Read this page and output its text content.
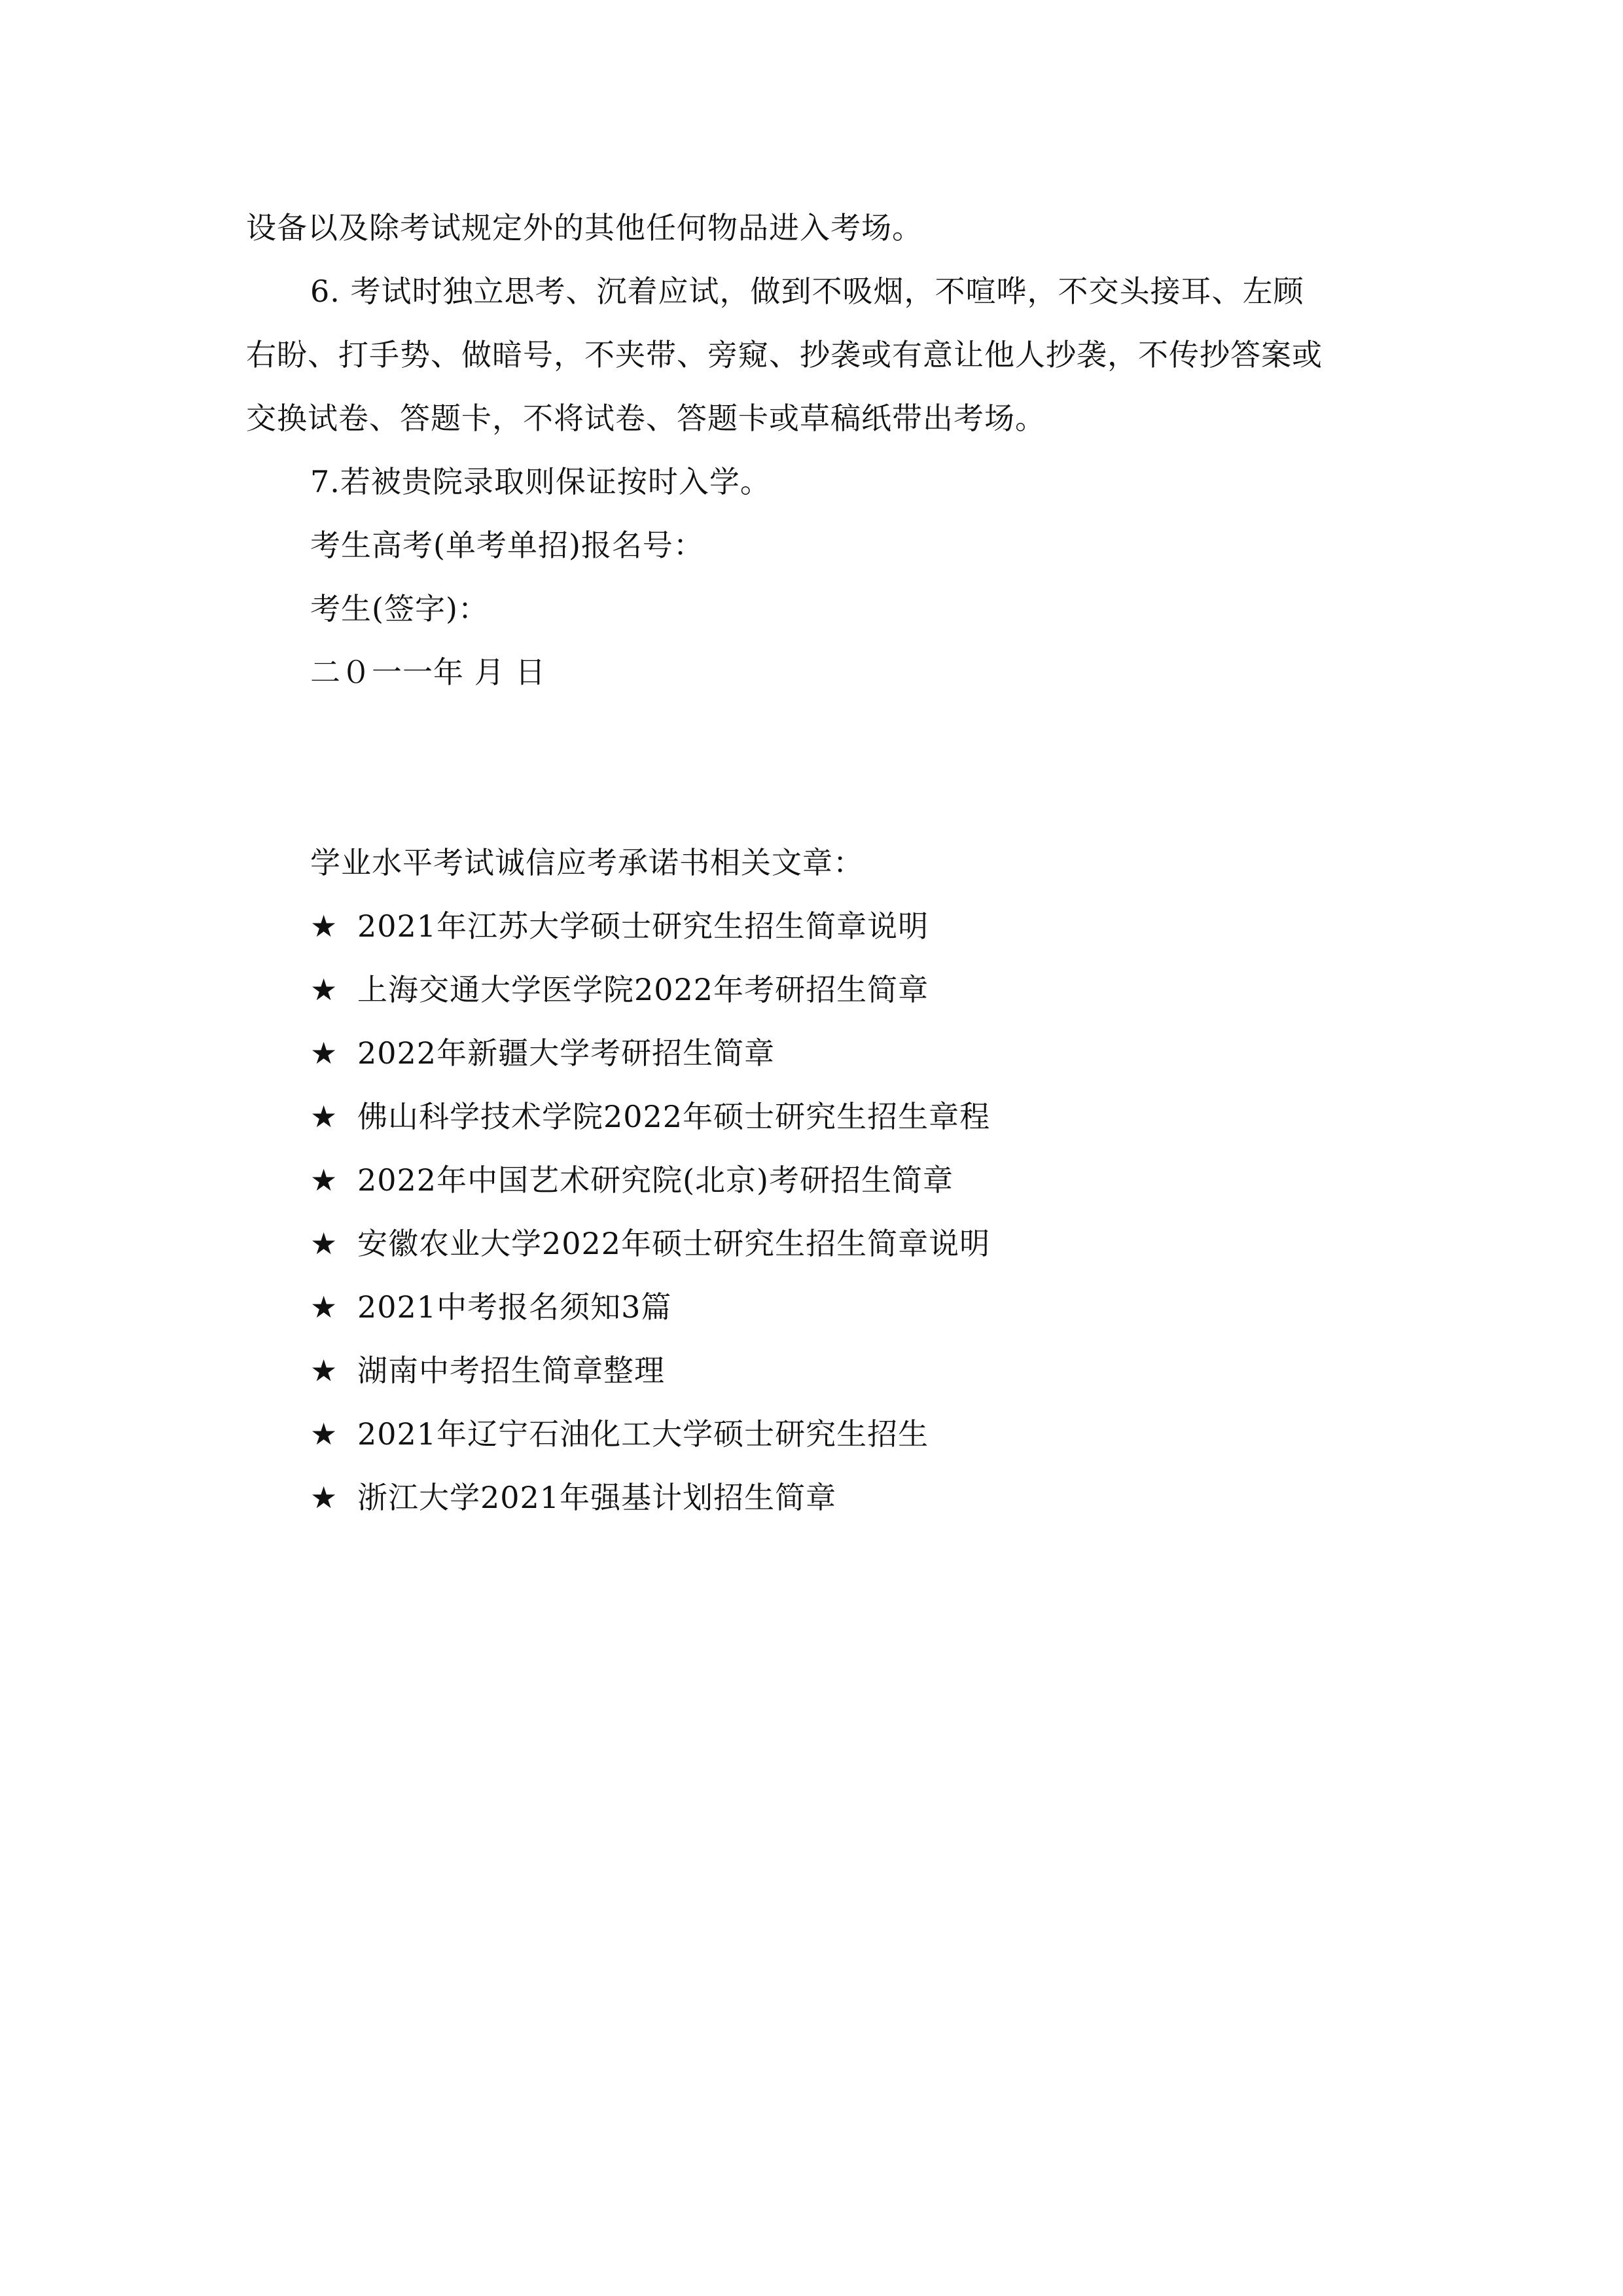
设备以及除考试规定外的其他任何物品进入考场。
6. 考试时独立思考、沉着应试，做到不吸烟，不喧哗，不交头接耳、左顾
右盼、打手势、做暗号，不夹带、旁窥、抄袭或有意让他人抄袭，不传抄答案或
交换试卷、答题卡，不将试卷、答题卡或草稿纸带出考场。
7.若被贵院录取则保证按时入学。
考生高考(单考单招)报名号：
考生(签字)：
二０一一年 月 日
学业水平考试诚信应考承诺书相关文章：
★ 2021年江苏大学硕士研究生招生简章说明
★ 上海交通大学医学院2022年考研招生简章
★ 2022年新疆大学考研招生简章
★ 佛山科学技术学院2022年硕士研究生招生章程
★ 2022年中国艺术研究院(北京)考研招生简章
★ 安徽农业大学2022年硕士研究生招生简章说明
★ 2021中考报名须知3篇
★ 湖南中考招生简章整理
★ 2021年辽宁石油化工大学硕士研究生招生
★ 浙江大学2021年强基计划招生简章
